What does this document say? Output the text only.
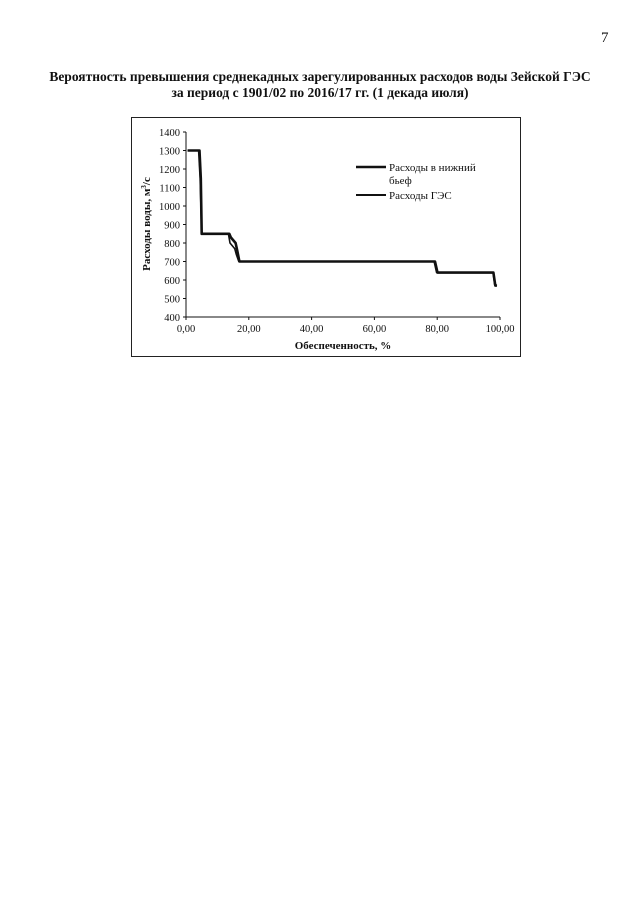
7
Вероятность превышения среднекадных зарегулированных расходов воды Зейской ГЭС
за период с 1901/02 по 2016/17 гг. (1 декада июля)
400
500
600
700
800
900
1000
1100
1200
1300
1400
0,00	20,00	40,00	60,00	80,00	100,00
Расходы воды, $м^3/с$
Обеспеченность, %
Расходы в нижний
бьеф
Расходы ГЭС
